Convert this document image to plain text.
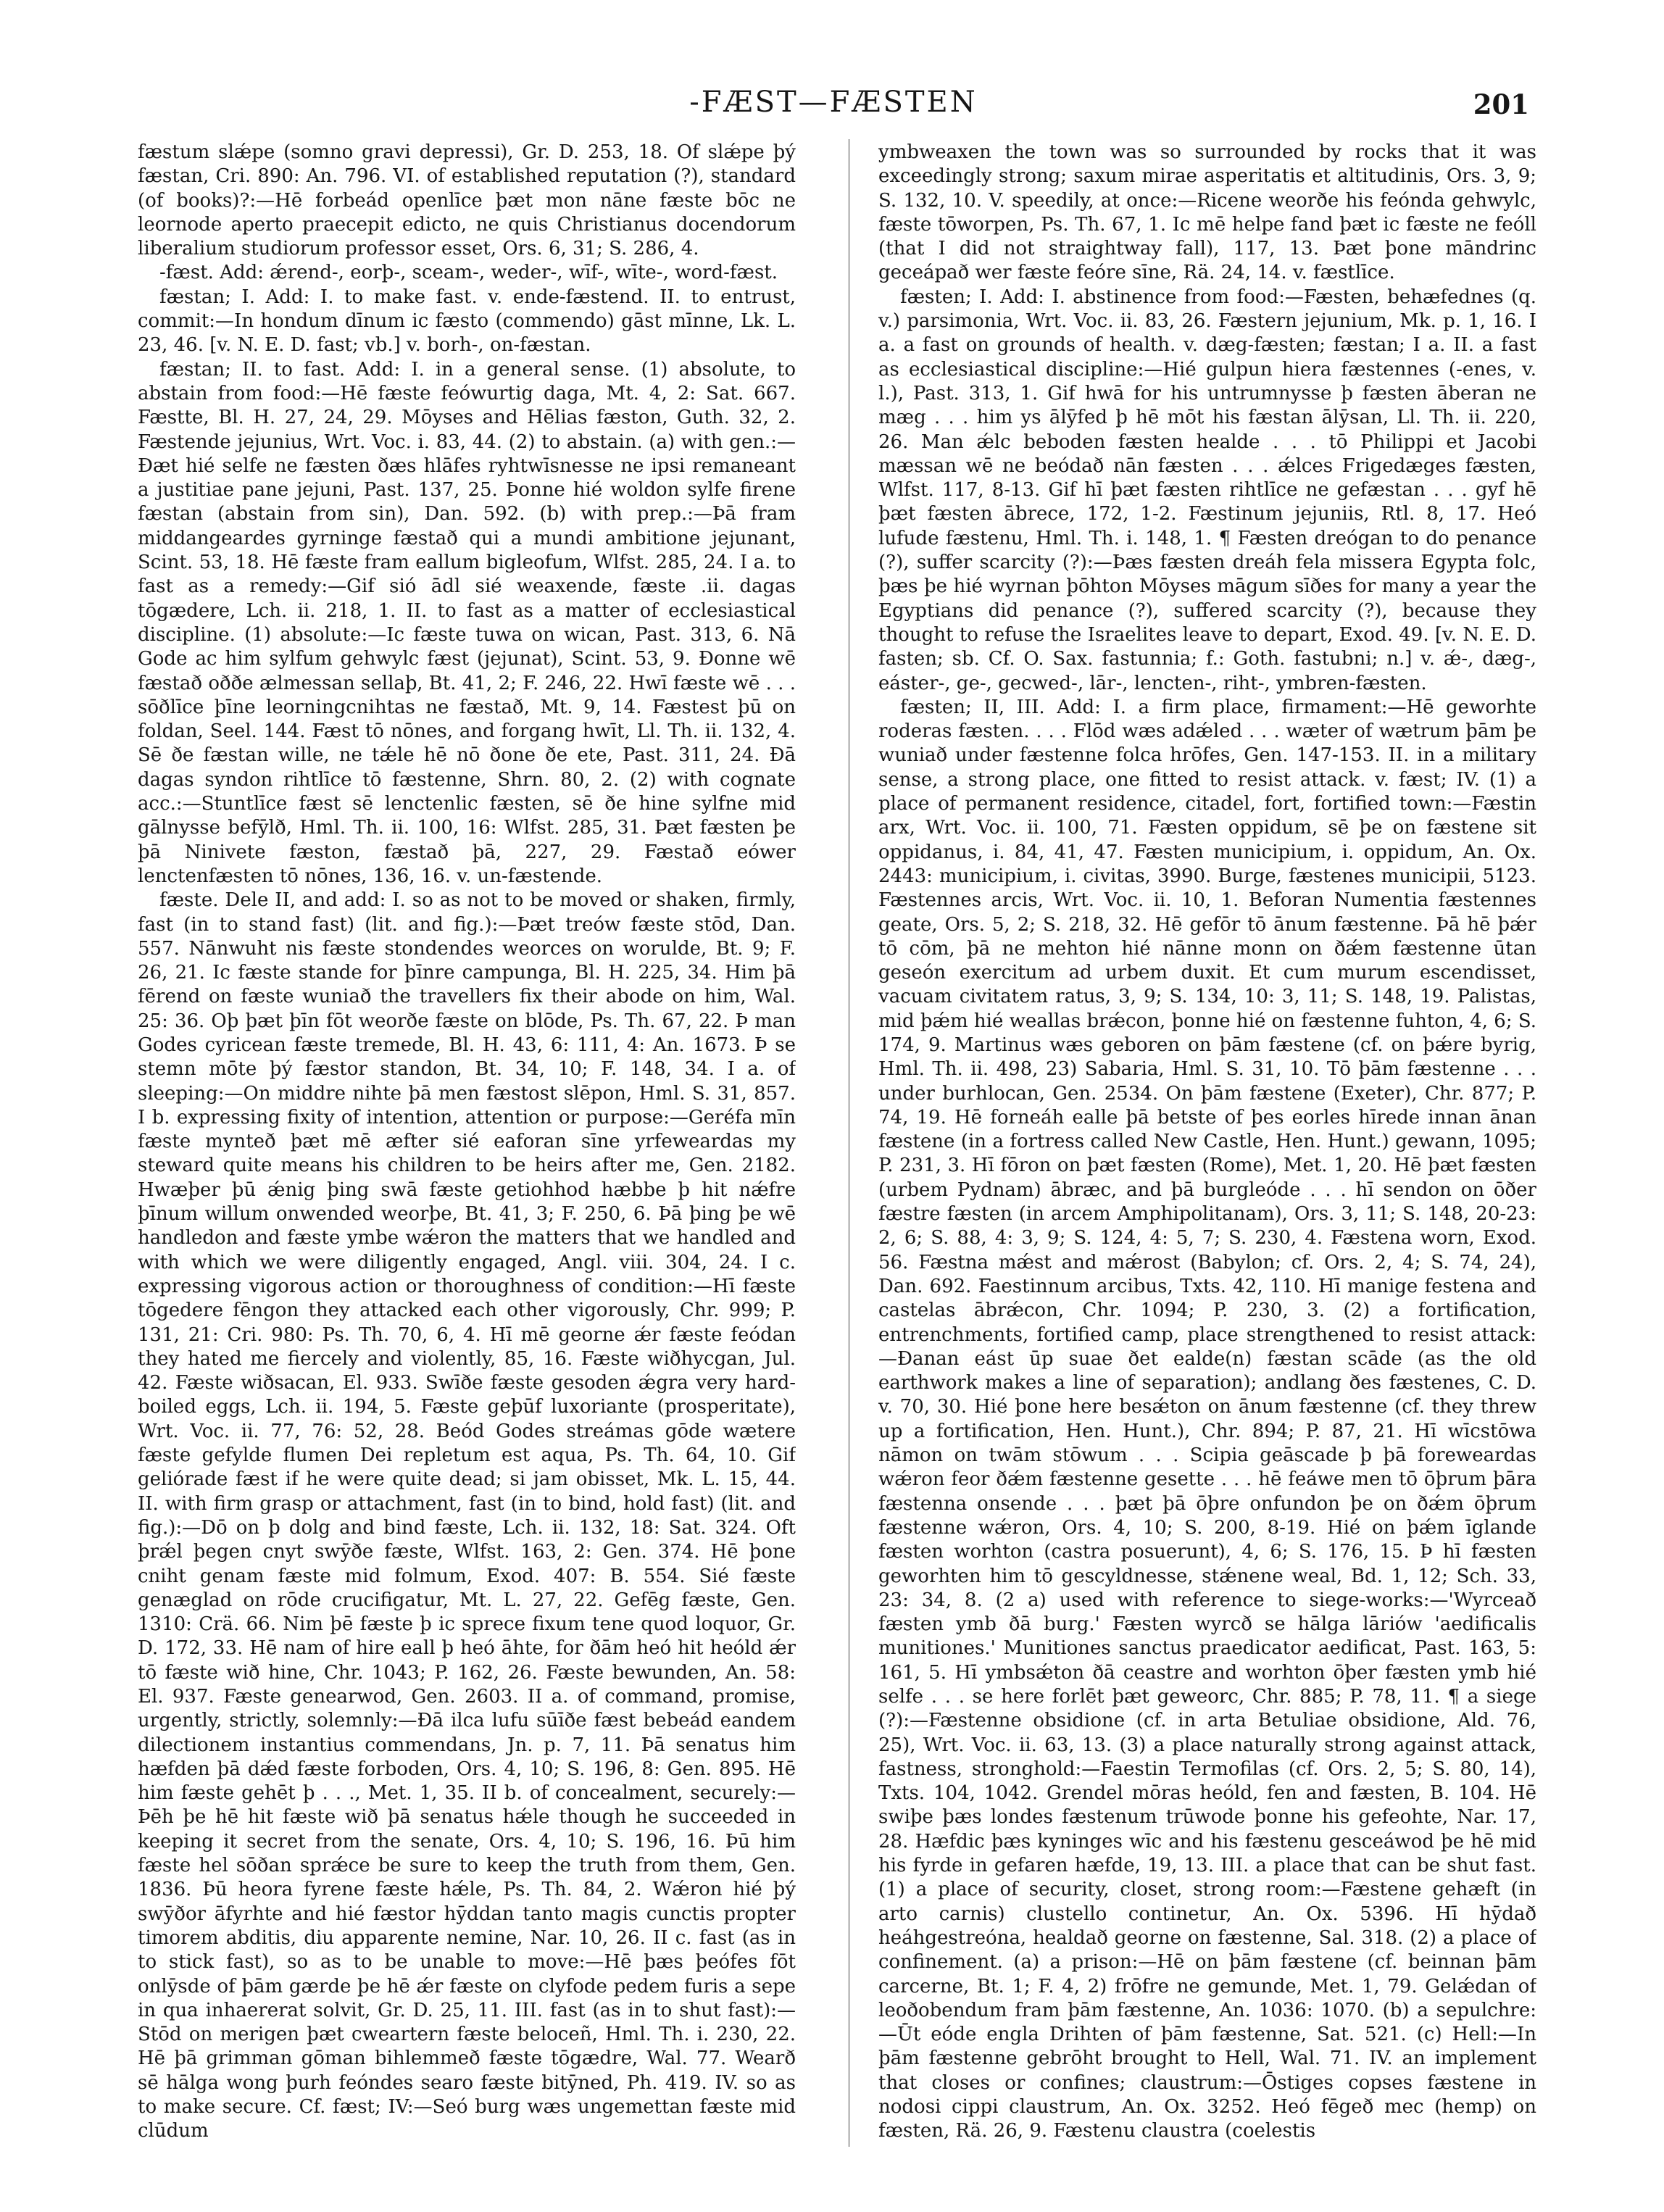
-FÆST—FÆSTEN	201

fæstum slǽpe (somno gravi depressi), Gr. D. 253, 18. Of slǽpe þý fæstan, Cri. 890: An. 796. VI. of established reputation (?), standard (of books)?:—Hē forbeád openlīce þæt mon nāne fæste bōc ne leornode aperto praecepit edicto, ne quis Christianus docendorum liberalium studiorum professor esset, Ors. 6, 31; S. 286, 4.

-fæst. Add: ǽrend-, eorþ-, sceam-, weder-, wīf-, wīte-, word-fæst.

fæstan; I. Add: I. to make fast. v. ende-fæstend. II. to entrust, commit:—In hondum dīnum ic fæsto (commendo) gāst mīnne, Lk. L. 23, 46. [v. N. E. D. fast; vb.] v. borh-, on-fæstan.

fæstan; II. to fast. Add: I. in a general sense. (1) absolute, to abstain from food:—Hē fæste feówurtig daga, Mt. 4, 2: Sat. 667. Fæstte, Bl. H. 27, 24, 29. Mōyses and Hēlias fæston, Guth. 32, 2. Fæstende jejunius, Wrt. Voc. i. 83, 44. (2) to abstain. (a) with gen.:—Ðæt hié selfe ne fæsten ðæs hlāfes ryhtwīsnesse ne ipsi remaneant a justitiae pane jejuni, Past. 137, 25. Þonne hié woldon sylfe firene fæstan (abstain from sin), Dan. 592. (b) with prep.:—Þā fram middangeardes gyrninge fæstað qui a mundi ambitione jejunant, Scint. 53, 18. Hē fæste fram eallum bigleofum, Wlfst. 285, 24. I a. to fast as a remedy:—Gif sió ādl sié weaxende, fæste .ii. dagas tōgædere, Lch. ii. 218, 1. II. to fast as a matter of ecclesiastical discipline. (1) absolute:—Ic fæste tuwa on wican, Past. 313, 6. Nā Gode ac him sylfum gehwylc fæst (jejunat), Scint. 53, 9. Ðonne wē fæstað oððe ælmessan sellaþ, Bt. 41, 2; F. 246, 22. Hwī fæste wē . . . sōðlīce þīne leorningcnihtas ne fæstað, Mt. 9, 14. Fæstest þū on foldan, Seel. 144. Fæst tō nōnes, and forgang hwīt, Ll. Th. ii. 132, 4. Sē ðe fæstan wille, ne tǽle hē nō ðone ðe ete, Past. 311, 24. Ðā dagas syndon rihtlīce tō fæstenne, Shrn. 80, 2. (2) with cognate acc.:—Stuntlīce fæst sē lenctenlic fæsten, sē ðe hine sylfne mid gālnysse befȳlð, Hml. Th. ii. 100, 16: Wlfst. 285, 31. Þæt fæsten þe þā Ninivete fæston, fæstað þā, 227, 29. Fæstað eówer lenctenfæsten tō nōnes, 136, 16. v. un-fæstende.

fæste. Dele II, and add: I. so as not to be moved or shaken, firmly, fast (in to stand fast) (lit. and fig.):—Þæt treów fæste stōd, Dan. 557. Nānwuht nis fæste stondendes weorces on worulde, Bt. 9; F. 26, 21. Ic fæste stande for þīnre campunga, Bl. H. 225, 34. Him þā fērend on fæste wuniað the travellers fix their abode on him, Wal. 25: 36. Oþ þæt þīn fōt weorðe fæste on blōde, Ps. Th. 67, 22. Þ man Godes cyricean fæste tremede, Bl. H. 43, 6: 111, 4: An. 1673. Þ se stemn mōte þý fæstor standon, Bt. 34, 10; F. 148, 34. I a. of sleeping:—On middre nihte þā men fæstost slēpon, Hml. S. 31, 857. I b. expressing fixity of intention, attention or purpose:—Geréfa mīn fæste mynteð þæt mē æfter sié eaforan sīne yrfeweardas my steward quite means his children to be heirs after me, Gen. 2182. Hwæþer þū ǽnig þing swā fæste getiohhod hæbbe þ hit nǽfre þīnum willum onwended weorþe, Bt. 41, 3; F. 250, 6. Þā þing þe wē handledon and fæste ymbe wǽron the matters that we handled and with which we were diligently engaged, Angl. viii. 304, 24. I c. expressing vigorous action or thoroughness of condition:—Hī fæste tōgedere fēngon they attacked each other vigorously, Chr. 999; P. 131, 21: Cri. 980: Ps. Th. 70, 6, 4. Hī mē georne ǽr fæste feódan they hated me fiercely and violently, 85, 16. Fæste wiðhycgan, Jul. 42. Fæste wiðsacan, El. 933. Swīðe fæste gesoden ǽgra very hard-boiled eggs, Lch. ii. 194, 5. Fæste geþūf luxoriante (prosperitate), Wrt. Voc. ii. 77, 76: 52, 28. Beód Godes streámas gōde wætere fæste gefylde flumen Dei repletum est aqua, Ps. Th. 64, 10. Gif geliórade fæst if he were quite dead; si jam obisset, Mk. L. 15, 44. II. with firm grasp or attachment, fast (in to bind, hold fast) (lit. and fig.):—Dō on þ dolg and bind fæste, Lch. ii. 132, 18: Sat. 324. Oft þrǽl þegen cnyt swȳðe fæste, Wlfst. 163, 2: Gen. 374. Hē þone cniht genam fæste mid folmum, Exod. 407: B. 554. Sié fæste genæglad on rōde crucifigatur, Mt. L. 27, 22. Gefēg fæste, Gen. 1310: Crä. 66. Nim þē fæste þ ic sprece fixum tene quod loquor, Gr. D. 172, 33. Hē nam of hire eall þ heó āhte, for ðām heó hit heóld ǽr tō fæste wið hine, Chr. 1043; P. 162, 26. Fæste bewunden, An. 58: El. 937. Fæste genearwod, Gen. 2603. II a. of command, promise, urgently, strictly, solemnly:—Ðā ilca lufu sūīðe fæst bebeád eandem dilectionem instantius commendans, Jn. p. 7, 11. Þā senatus him hæfden þā dǽd fæste forboden, Ors. 4, 10; S. 196, 8: Gen. 895. Hē him fæste gehēt þ . . ., Met. 1, 35. II b. of concealment, securely:—Þēh þe hē hit fæste wið þā senatus hǽle though he succeeded in keeping it secret from the senate, Ors. 4, 10; S. 196, 16. Þū him fæste hel sōðan sprǽce be sure to keep the truth from them, Gen. 1836. Þū heora fyrene fæste hǽle, Ps. Th. 84, 2. Wǽron hié þý swȳðor āfyrhte and hié fæstor hȳddan tanto magis cunctis propter timorem abditis, diu apparente nemine, Nar. 10, 26. II c. fast (as in to stick fast), so as to be unable to move:—Hē þæs þeófes fōt onlȳsde of þām gærde þe hē ǽr fæste on clyfode pedem furis a sepe in qua inhaererat solvit, Gr. D. 25, 11. III. fast (as in to shut fast):—Stōd on merigen þæt cweartern fæste beloceñ, Hml. Th. i. 230, 22. Hē þā grimman gōman bihlemmeð fæste tōgædre, Wal. 77. Wearð sē hālga wong þurh feóndes searo fæste bitȳned, Ph. 419. IV. so as to make secure. Cf. fæst; IV:—Seó burg wæs ungemettan fæste mid clūdum

ymbweaxen the town was so surrounded by rocks that it was exceedingly strong; saxum mirae asperitatis et altitudinis, Ors. 3, 9; S. 132, 10. V. speedily, at once:—Ricene weorðe his feónda gehwylc, fæste tōworpen, Ps. Th. 67, 1. Ic mē helpe fand þæt ic fæste ne feóll (that I did not straightway fall), 117, 13. Þæt þone māndrinc geceápað wer fæste feóre sīne, Rä. 24, 14. v. fæstlīce.

fæsten; I. Add: I. abstinence from food:—Fæsten, behæfednes (q. v.) parsimonia, Wrt. Voc. ii. 83, 26. Fæstern jejunium, Mk. p. 1, 16. I a. a fast on grounds of health. v. dæg-fæsten; fæstan; I a. II. a fast as ecclesiastical discipline:—Hié gulpun hiera fæstennes (-enes, v. l.), Past. 313, 1. Gif hwā for his untrumnysse þ fæsten āberan ne mæg . . . him ys ālȳfed þ hē mōt his fæstan ālȳsan, Ll. Th. ii. 220, 26. Man ǽlc beboden fæsten healde . . . tō Philippi et Jacobi mæssan wē ne beódað nān fæsten . . . ǽlces Frigedæges fæsten, Wlfst. 117, 8-13. Gif hī þæt fæsten rihtlīce ne gefæstan . . . gyf hē þæt fæsten ābrece, 172, 1-2. Fæstinum jejuniis, Rtl. 8, 17. Heó lufude fæstenu, Hml. Th. i. 148, 1. ¶ Fæsten dreógan to do penance (?), suffer scarcity (?):—Þæs fæsten dreáh fela missera Egypta folc, þæs þe hié wyrnan þōhton Mōyses māgum sīðes for many a year the Egyptians did penance (?), suffered scarcity (?), because they thought to refuse the Israelites leave to depart, Exod. 49. [v. N. E. D. fasten; sb. Cf. O. Sax. fastunnia; f.: Goth. fastubni; n.] v. ǽ-, dæg-, eáster-, ge-, gecwed-, lār-, lencten-, riht-, ymbren-fæsten.

fæsten; II, III. Add: I. a firm place, firmament:—Hē geworhte roderas fæsten. . . . Flōd wæs adǽled . . . wæter of wætrum þām þe wuniað under fæstenne folca hrōfes, Gen. 147-153. II. in a military sense, a strong place, one fitted to resist attack. v. fæst; IV. (1) a place of permanent residence, citadel, fort, fortified town:—Fæstin arx, Wrt. Voc. ii. 100, 71. Fæsten oppidum, sē þe on fæstene sit oppidanus, i. 84, 41, 47. Fæsten municipium, i. oppidum, An. Ox. 2443: municipium, i. civitas, 3990. Burge, fæstenes municipii, 5123. Fæstennes arcis, Wrt. Voc. ii. 10, 1. Beforan Numentia fæstennes geate, Ors. 5, 2; S. 218, 32. Hē gefōr tō ānum fæstenne. Þā hē þǽr tō cōm, þā ne mehton hié nānne monn on ðǽm fæstenne ūtan geseón exercitum ad urbem duxit. Et cum murum escendisset, vacuam civitatem ratus, 3, 9; S. 134, 10: 3, 11; S. 148, 19. Palistas, mid þǽm hié weallas brǽcon, þonne hié on fæstenne fuhton, 4, 6; S. 174, 9. Martinus wæs geboren on þām fæstene (cf. on þǽre byrig, Hml. Th. ii. 498, 23) Sabaria, Hml. S. 31, 10. Tō þām fæstenne . . . under burhlocan, Gen. 2534. On þām fæstene (Exeter), Chr. 877; P. 74, 19. Hē forneáh ealle þā betste of þes eorles hīrede innan ānan fæstene (in a fortress called New Castle, Hen. Hunt.) gewann, 1095; P. 231, 3. Hī fōron on þæt fæsten (Rome), Met. 1, 20. Hē þæt fæsten (urbem Pydnam) ābræc, and þā burgleóde . . . hī sendon on ōðer fæstre fæsten (in arcem Amphipolitanam), Ors. 3, 11; S. 148, 20-23: 2, 6; S. 88, 4: 3, 9; S. 124, 4: 5, 7; S. 230, 4. Fæstena worn, Exod. 56. Fæstna mǽst and mǽrost (Babylon; cf. Ors. 2, 4; S. 74, 24), Dan. 692. Faestinnum arcibus, Txts. 42, 110. Hī manige festena and castelas ābrǽcon, Chr. 1094; P. 230, 3. (2) a fortification, entrenchments, fortified camp, place strengthened to resist attack:—Ðanan eást ūp suae ðet ealde(n) fæstan scāde (as the old earthwork makes a line of separation); andlang ðes fæstenes, C. D. v. 70, 30. Hié þone here besǽton on ānum fæstenne (cf. they threw up a fortification, Hen. Hunt.), Chr. 894; P. 87, 21. Hī wīcstōwa nāmon on twām stōwum . . . Scipia geāscade þ þā foreweardas wǽron feor ðǽm fæstenne gesette . . . hē feáwe men tō ōþrum þāra fæstenna onsende . . . þæt þā ōþre onfundon þe on ðǽm ōþrum fæstenne wǽron, Ors. 4, 10; S. 200, 8-19. Hié on þǽm īglande fæsten worhton (castra posuerunt), 4, 6; S. 176, 15. Þ hī fæsten geworhten him tō gescyldnesse, stǽnene weal, Bd. 1, 12; Sch. 33, 23: 34, 8. (2 a) used with reference to siege-works:—'Wyrceað fæsten ymb ðā burg.' Fæsten wyrcð se hālga lāriów 'aedificalis munitiones.' Munitiones sanctus praedicator aedificat, Past. 163, 5: 161, 5. Hī ymbsǽton ðā ceastre and worhton ōþer fæsten ymb hié selfe . . . se here forlēt þæt geweorc, Chr. 885; P. 78, 11. ¶ a siege (?):—Fæstenne obsidione (cf. in arta Betuliae obsidione, Ald. 76, 25), Wrt. Voc. ii. 63, 13. (3) a place naturally strong against attack, fastness, stronghold:—Faestin Termofilas (cf. Ors. 2, 5; S. 80, 14), Txts. 104, 1042. Grendel mōras heóld, fen and fæsten, B. 104. Hē swiþe þæs londes fæstenum trūwode þonne his gefeohte, Nar. 17, 28. Hæfdic þæs kyninges wīc and his fæstenu gesceáwod þe hē mid his fyrde in gefaren hæfde, 19, 13. III. a place that can be shut fast. (1) a place of security, closet, strong room:—Fæstene gehæft (in arto carnis) clustello continetur, An. Ox. 5396. Hī hȳdað heáhgestreóna, healdað georne on fæstenne, Sal. 318. (2) a place of confinement. (a) a prison:—Hē on þām fæstene (cf. beinnan þām carcerne, Bt. 1; F. 4, 2) frōfre ne gemunde, Met. 1, 79. Gelǽdan of leoðobendum fram þām fæstenne, An. 1036: 1070. (b) a sepulchre:—Ūt eóde engla Drihten of þām fæstenne, Sat. 521. (c) Hell:—In þām fæstenne gebrōht brought to Hell, Wal. 71. IV. an implement that closes or confines; claustrum:—Ōstiges copses fæstene in nodosi cippi claustrum, An. Ox. 3252. Heó fēgeð mec (hemp) on fæsten, Rä. 26, 9. Fæstenu claustra (coelestis
